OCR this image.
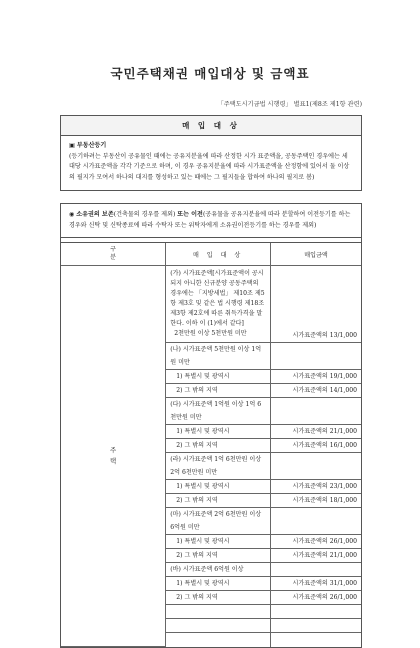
국민주택채권 매입대상 및 금액표
「주택도시기금법 시행령」 별표1(제8조 제1항 관련)
매 입 대 상
▣ 부동산등기
(등기하려는 부동산이 공유물인 때에는 공유지분율에 따라 산정한 시가 표준액을, 공동주택인 경우에는 세대당 시가표준액을 각각 기준으로 하며, 이 경우 공유지분율에 따라 시가표준액을 산정함에 있어서 둘 이상의 필지가 모여서 하나의 대지를 형성하고 있는 때에는 그 필지들을 합하여 하나의 필지로 봄)
◉ 소유권의 보존(건축물의 경우를 제외) 또는 이전(공유물을 공유지분율에 따라 분할하여 이전등기를 하는 경우와 신탁 및 신탁종료에 따라 수탁자 또는 위탁자에게 소유권이전등기를 하는 경우를 제외)
구
분	매 입 대 상	매입금액
주
택	(가) 시가표준액[시가표준액이 공시되지 아니한 신규분양 공동주택의 경우에는 「지방세법」 제10조 제5항 제3호 및 같은 법 시행령 제18조 제3항 제2호에 따른 취득가격을 말한다. 이하 이 (1)에서 같다]
2천만원 이상 5천만원 미만	시가표준액의 13/1,000
	(나) 시가표준액 5천만원 이상 1억원 미만	
	1) 특별시 및 광역시	시가표준액의 19/1,000
	2) 그 밖의 지역	시가표준액의 14/1,000
	(다) 시가표준액 1억원 이상 1억 6천만원 미만	
	1) 특별시 및 광역시	시가표준액의 21/1,000
	2) 그 밖의 지역	시가표준액의 16/1,000
	(라) 시가표준액 1억 6천만원 이상 2억 6천만원 미만	
	1) 특별시 및 광역시	시가표준액의 23/1,000
	2) 그 밖의 지역	시가표준액의 18/1,000
	(마) 시가표준액 2억 6천만원 이상 6억원 미만	
	1) 특별시 및 광역시	시가표준액의 26/1,000
	2) 그 밖의 지역	시가표준액의 21/1,000
	(바) 시가표준액 6억원 이상	
	1) 특별시 및 광역시	시가표준액의 31/1,000
	2) 그 밖의 지역	시가표준액의 26/1,000
